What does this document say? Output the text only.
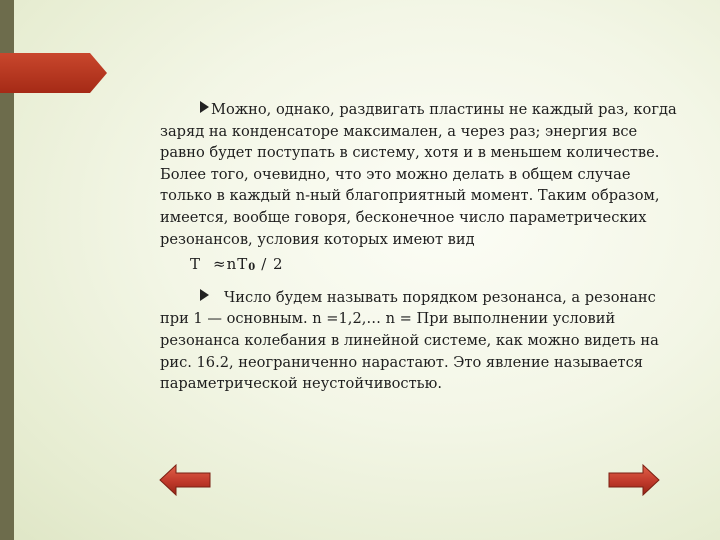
Можно, однако, раздвигать пластины не каждый раз, когда заряд на конденсаторе максимален, а через раз; энергия все равно будет поступать в систему, хотя и в меньшем количестве. Более того, очевидно, что это можно делать в общем случае только в каждый n-ный благоприятный момент. Таким образом, имеется, вообще говоря, бесконечное число параметрических резонансов, условия которых имеют вид

$T \approx nT_0 / 2$

Число будем называть порядком резонанса, а резонанс при 1 — основным. n =1,2,… n = При выполнении условий резонанса колебания в линейной системе, как можно видеть на рис. 16.2, неограниченно нарастают. Это явление называется параметрической неустойчивостью.
